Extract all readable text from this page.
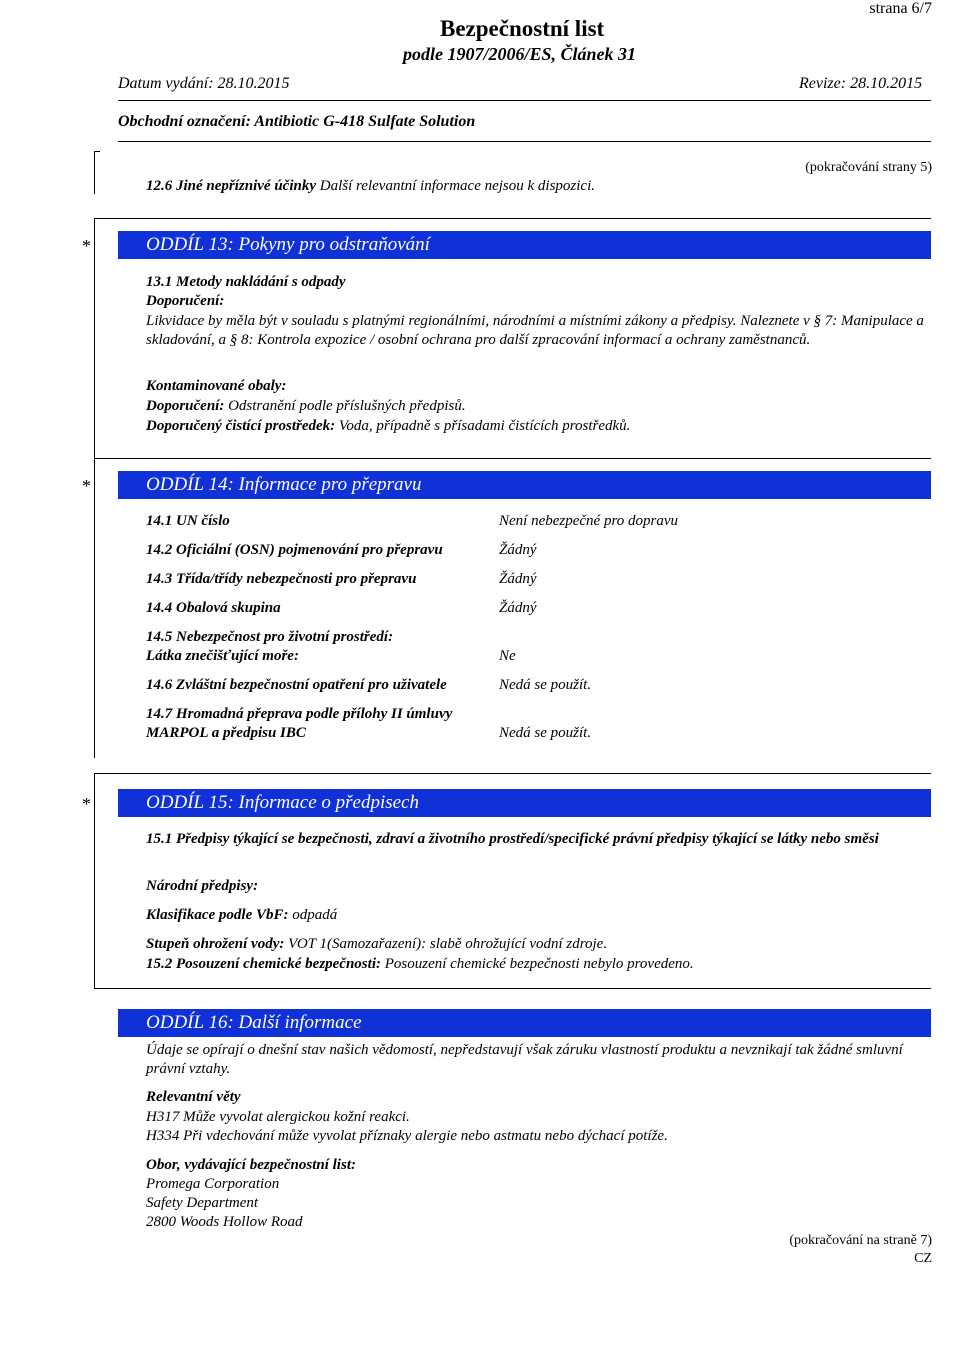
strana 6/7
Bezpečnostní list
podle 1907/2006/ES, Článek 31
Datum vydání: 28.10.2015	Revize: 28.10.2015
Obchodní označení: Antibiotic G-418 Sulfate Solution
(pokračování strany 5)
12.6 Jiné nepříznivé účinky Další relevantní informace nejsou k dispozici.
*	ODDÍL 13: Pokyny pro odstraňování
13.1 Metody nakládání s odpady
Doporučení:
Likvidace by měla být v souladu s platnými regionálními, národními a místními zákony a předpisy. Naleznete v § 7: Manipulace a skladování, a § 8: Kontrola expozice / osobní ochrana pro další zpracování informací a ochrany zaměstnanců.
Kontaminované obaly:
Doporučení: Odstranění podle příslušných předpisů.
Doporučený čistící prostředek: Voda, případně s přísadami čistících prostředků.
*	ODDÍL 14: Informace pro přepravu
14.1 UN číslo	Není nebezpečné pro dopravu
14.2 Oficiální (OSN) pojmenování pro přepravu	Žádný
14.3 Třída/třídy nebezpečnosti pro přepravu	Žádný
14.4 Obalová skupina	Žádný
14.5 Nebezpečnost pro životní prostředí:
Látka znečišťující moře:	Ne
14.6 Zvláštní bezpečnostní opatření pro uživatele	Nedá se použít.
14.7 Hromadná přeprava podle přílohy II úmluvy
MARPOL a předpisu IBC	Nedá se použít.
*	ODDÍL 15: Informace o předpisech
15.1 Předpisy týkající se bezpečnosti, zdraví a životního prostředí/specifické právní předpisy týkající se látky nebo směsi
Národní předpisy:
Klasifikace podle VbF: odpadá
Stupeň ohrožení vody: VOT 1(Samozařazení): slabě ohrožující vodní zdroje.
15.2 Posouzení chemické bezpečnosti: Posouzení chemické bezpečnosti nebylo provedeno.
ODDÍL 16: Další informace
Údaje se opírají o dnešní stav našich vědomostí, nepředstavují však záruku vlastností produktu a nevznikají tak žádné smluvní právní vztahy.
Relevantní věty
H317 Může vyvolat alergickou kožní reakci.
H334 Při vdechování může vyvolat příznaky alergie nebo astmatu nebo dýchací potíže.
Obor, vydávající bezpečnostní list:
Promega Corporation
Safety Department
2800 Woods Hollow Road
(pokračování na straně 7)
CZ
